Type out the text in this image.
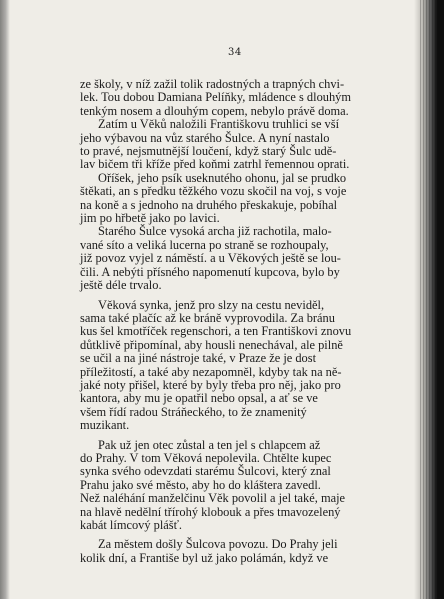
34
ze školy, v níž zažil tolik radostných a trapných chvi-
lek. Tou dobou Damiana Pelíňky, mládence s dlouhým
tenkým nosem a dlouhým copem, nebylo právě doma.
Zatím u Věků naložili Františkovu truhlici se vší
jeho výbavou na vůz starého Šulce. A nyní nastalo
to pravé, nejsmutnější loučení, když starý Šulc udě-
lav bičem tři kříže před koňmi zatrhl řemennou oprati.
Oříšek, jeho psík useknutého ohonu, jal se prudko
štěkati, an s předku těžkého vozu skočil na voj, s voje
na koně a s jednoho na druhého přeskakuje, pobíhal
jim po hřbetě jako po lavici.
Starého Šulce vysoká archa již rachotila, malo-
vané síto a veliká lucerna po straně se rozhoupaly,
již povoz vyjel z náměstí. a u Věkových ještě se lou-
čili. A nebýti přísného napomenutí kupcova, bylo by
ještě déle trvalo.
Věková synka, jenž pro slzy na cestu neviděl,
sama také plačíc až ke bráně vyprovodila. Za bránu
kus šel kmotříček regenschori, a ten Františkovi znovu
důtklivě připomínal, aby housli nenechával, ale pilně
se učil a na jiné nástroje také, v Praze že je dost
příležitostí, a také aby nezapomněl, kdyby tak na ně-
jaké noty přišel, které by byly třeba pro něj, jako pro
kantora, aby mu je opatřil nebo opsal, a ať se ve
všem řídí radou Stráňeckého, to že znamenitý
muzikant.
Pak už jen otec zůstal a ten jel s chlapcem až
do Prahy. V tom Věková nepolevila. Chtělte kupec
synka svého odevzdati starému Šulcovi, který znal
Prahu jako své město, aby ho do kláštera zavedl.
Než naléhání manželčinu Věk povolil a jel také, maje
na hlavě nedělní třírohý klobouk a přes tmavozelený
kabát límcový plášť.
Za městem došly Šulcova povozu. Do Prahy jeli
kolik dní, a Františe byl už jako polámán, když ve
